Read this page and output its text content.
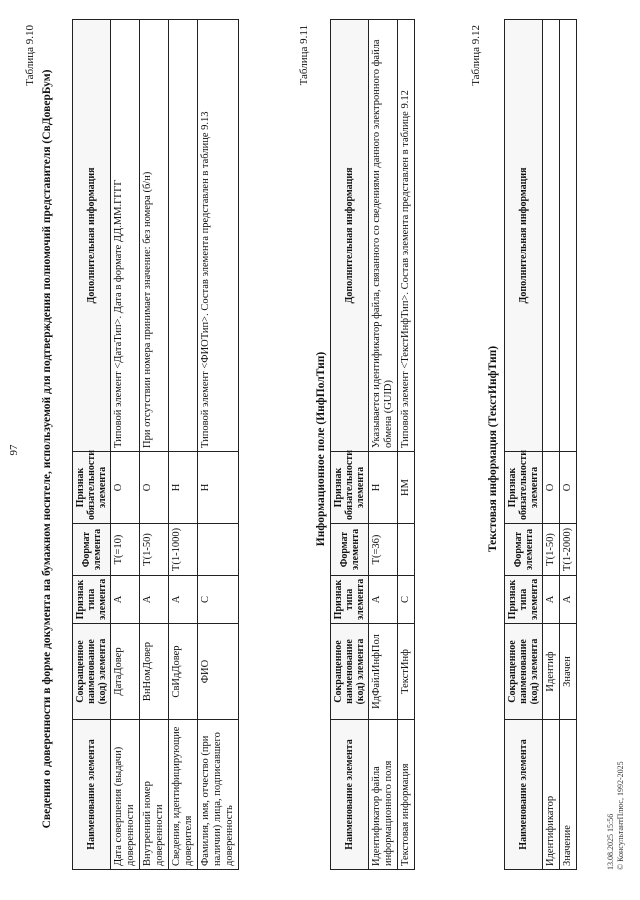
97
Таблица 9.10
Сведения о доверенности в форме документа на бумажном носителе, используемой для подтверждения полномочий представителя (СвДоверБум)	Наименование элемента	Сокращенное наименование (код) элемента	Признак типа элемента	Формат элемента	Признак обязательности элемента	Дополнительная информация
Дата совершения (выдачи) доверенности	ДатаДовер	А	T(=10)	О	Типовой элемент <ДатаТип>. Дата в формате ДД.ММ.ГГГГ
Внутренний номер доверенности	ВнНомДовер	А	T(1-50)	О	При отсутствии номера принимает значение: без номера (б/н)
Сведения, идентифицирующие доверителя	СвИдДовер	А	T(1-1000)	Н	
Фамилия, имя, отчество (при наличии) лица, подписавшего доверенность	ФИО	С		Н	Типовой элемент <ФИОТип>. Состав элемента представлен в таблице 9.13
Таблица 9.11
Информационное поле (ИнфПолТип)
Наименование элемента	Сокращенное наименование (код) элемента	Признак типа элемента	Формат элемента	Признак обязательности элемента	Дополнительная информация
Идентификатор файла информационного поля	ИдФайлИнфПол	А	T(=36)	Н	Указывается идентификатор файла, связанного со сведениями данного электронного файла обмена (GUID)
Текстовая информация	ТекстИнф	С		НМ	Типовой элемент <ТекстИнфТип>. Состав элемента представлен в таблице 9.12
Таблица 9.12
Текстовая информация (ТекстИнфТип)
Наименование элемента	Сокращенное наименование (код) элемента	Признак типа элемента	Формат элемента	Признак обязательности элемента	Дополнительная информация
Идентификатор	Идентиф	А	T(1-50)	О	
Значение	Значен	А	T(1-2000)	О	
13.08.2025 15:56 © КонсультантПлюс, 1992-2025
